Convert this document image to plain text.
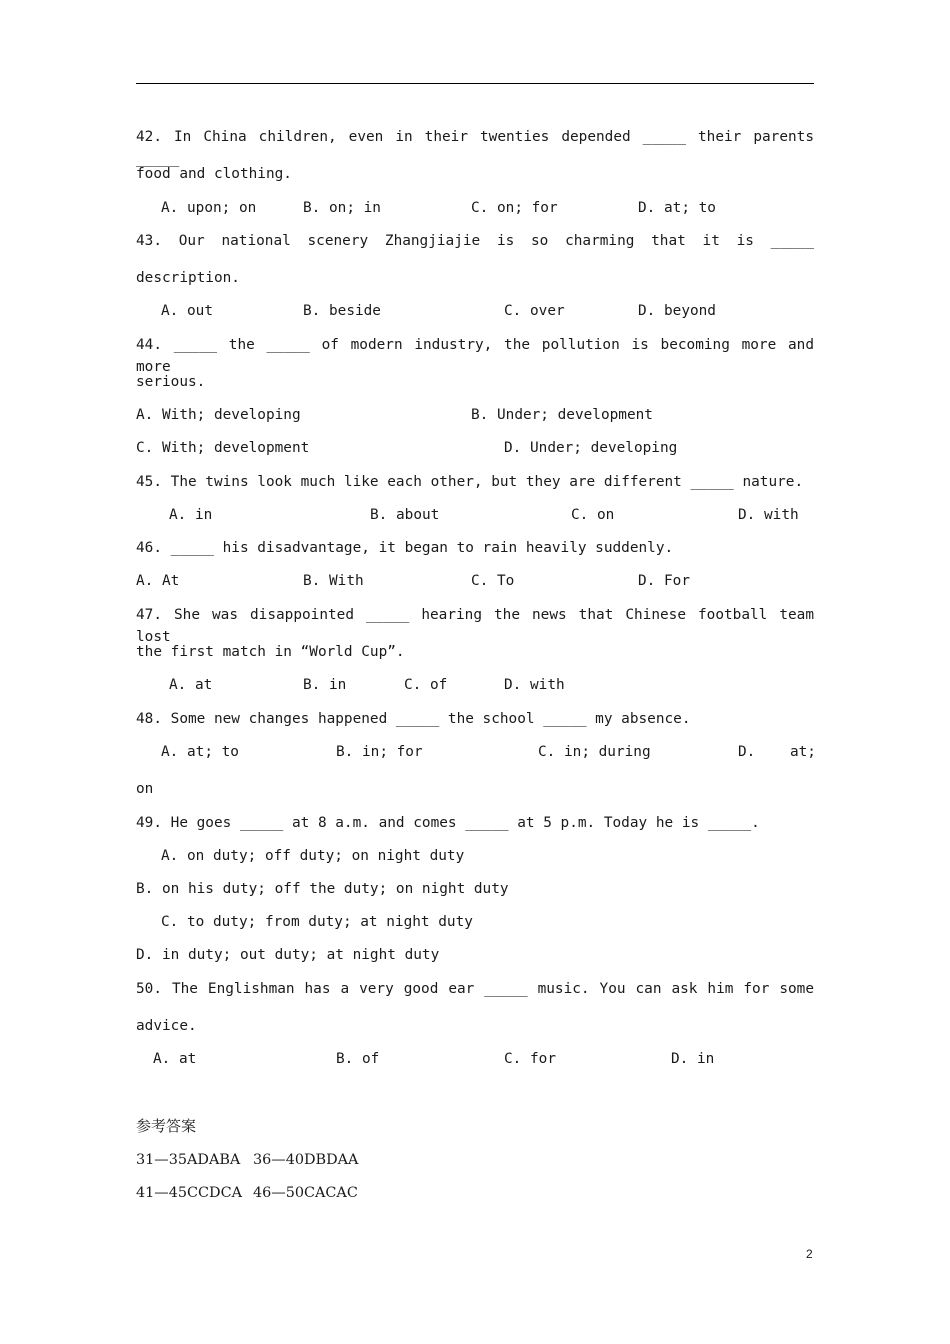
42. In China children, even in their twenties depended _____ their parents _____
food and clothing.
A. upon; on	B. on; in	C. on; for	D. at; to
43. Our national scenery Zhangjiajie is so charming that it is _____
description.
A. out	B. beside	C. over	D. beyond
44. _____ the _____ of modern industry, the pollution is becoming more and more
serious.
A. With; developing	B. Under; development
C. With; development	D. Under; developing
45. The twins look much like each other, but they are different _____ nature.
A. in	B. about	C. on	D. with
46. _____ his disadvantage, it began to rain heavily suddenly.
A. At	B. With	C. To	D. For
47. She was disappointed _____ hearing the news that Chinese football team lost
the first match in “World Cup”.
A. at	B. in	C. of	D. with
48. Some new changes happened _____ the school _____ my absence.
A. at; to	B. in; for	C. in; during	D.    at;
on
49. He goes _____ at 8 a.m. and comes _____ at 5 p.m. Today he is _____.
A. on duty; off duty; on night duty
B. on his duty; off the duty; on night duty
C. to duty; from duty; at night duty
D. in duty; out duty; at night duty
50. The Englishman has a very good ear _____ music. You can ask him for some
advice.
A. at	B. of	C. for	D. in
参考答案
31—35ADABA 36—40DBDAA
41—45CCDCA 46—50CACAC
2
